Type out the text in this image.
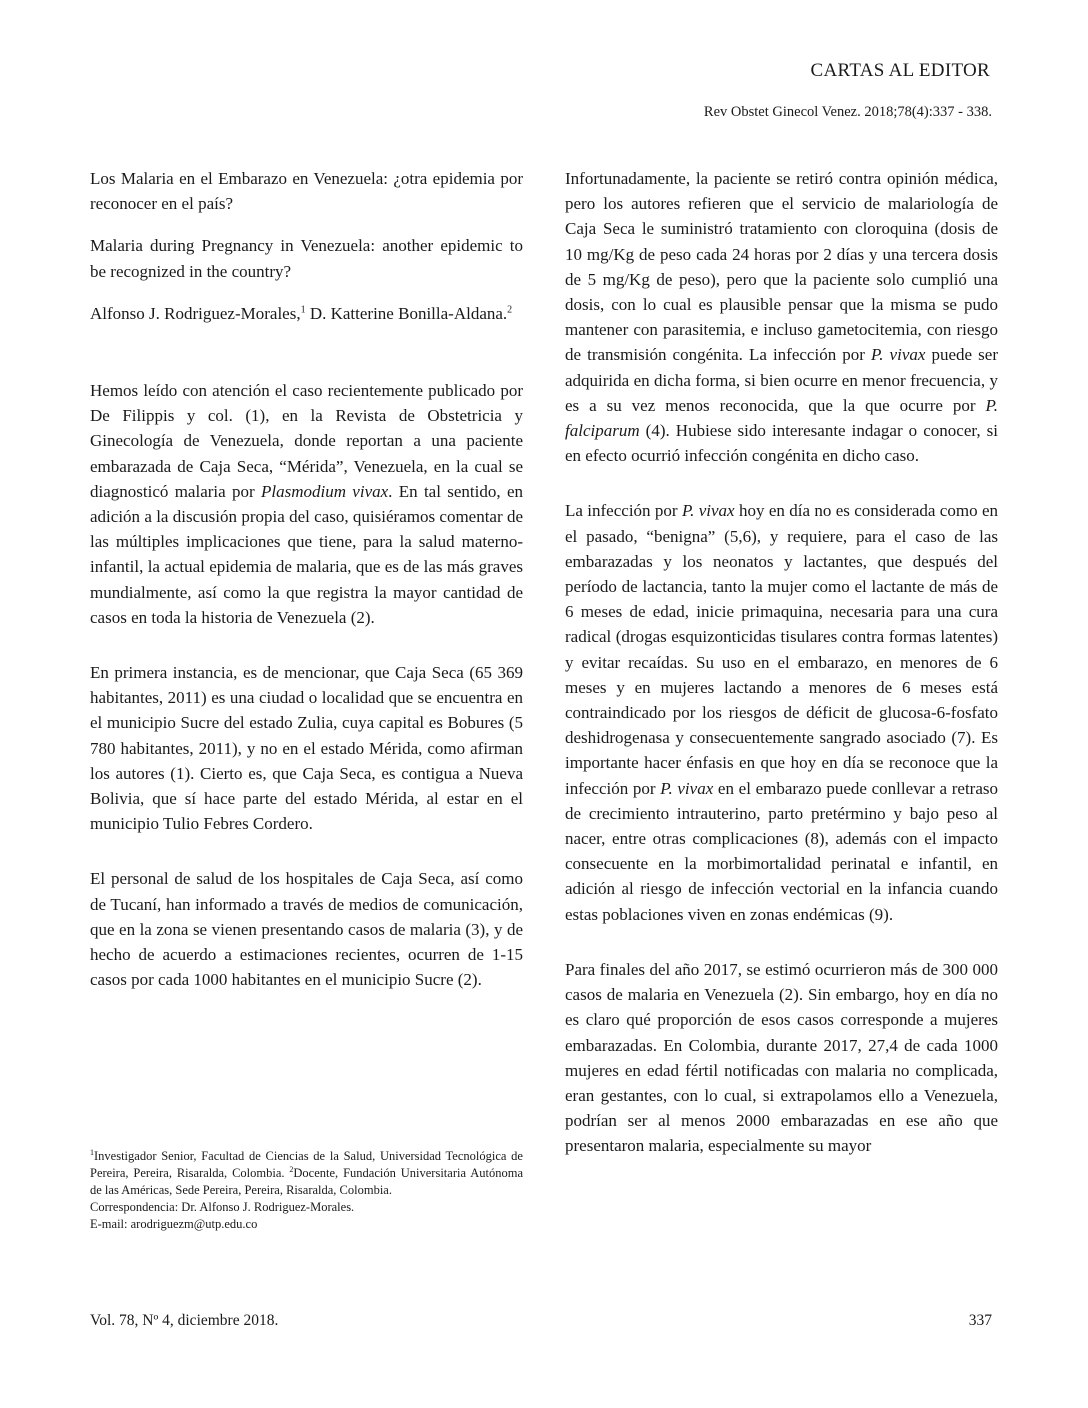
CARTAS AL EDITOR

Rev Obstet Ginecol Venez. 2018;78(4):337 - 338.

Los Malaria en el Embarazo en Venezuela: ¿otra epidemia por reconocer en el país?

Malaria during Pregnancy in Venezuela: another epidemic to be recognized in the country?

Alfonso J. Rodriguez-Morales,$^1$ D. Katterine Bonilla-Aldana.$^2$

Hemos leído con atención el caso recientemente publicado por De Filippis y col. (1), en la Revista de Obstetricia y Ginecología de Venezuela, donde reportan a una paciente embarazada de Caja Seca, “Mérida”, Venezuela, en la cual se diagnosticó malaria por Plasmodium vivax. En tal sentido, en adición a la discusión propia del caso, quisiéramos comentar de las múltiples implicaciones que tiene, para la salud materno-infantil, la actual epidemia de malaria, que es de las más graves mundialmente, así como la que registra la mayor cantidad de casos en toda la historia de Venezuela (2).

En primera instancia, es de mencionar, que Caja Seca (65 369 habitantes, 2011) es una ciudad o localidad que se encuentra en el municipio Sucre del estado Zulia, cuya capital es Bobures (5 780 habitantes, 2011), y no en el estado Mérida, como afirman los autores (1). Cierto es, que Caja Seca, es contigua a Nueva Bolivia, que sí hace parte del estado Mérida, al estar en el municipio Tulio Febres Cordero.

El personal de salud de los hospitales de Caja Seca, así como de Tucaní, han informado a través de medios de comunicación, que en la zona se vienen presentando casos de malaria (3), y de hecho de acuerdo a estimaciones recientes, ocurren de 1-15 casos por cada 1000 habitantes en el municipio Sucre (2).

$^1$Investigador Senior, Facultad de Ciencias de la Salud, Universidad Tecnológica de Pereira, Pereira, Risaralda, Colombia. $^2$Docente, Fundación Universitaria Autónoma de las Américas, Sede Pereira, Pereira, Risaralda, Colombia.

Correspondencia: Dr. Alfonso J. Rodriguez-Morales.

E-mail: arodriguezm@utp.edu.co

Infortunadamente, la paciente se retiró contra opinión médica, pero los autores refieren que el servicio de malariología de Caja Seca le suministró tratamiento con cloroquina (dosis de 10 mg/Kg de peso cada 24 horas por 2 días y una tercera dosis de 5 mg/Kg de peso), pero que la paciente solo cumplió una dosis, con lo cual es plausible pensar que la misma se pudo mantener con parasitemia, e incluso gametocitemia, con riesgo de transmisión congénita. La infección por P. vivax puede ser adquirida en dicha forma, si bien ocurre en menor frecuencia, y es a su vez menos reconocida, que la que ocurre por P. falciparum (4). Hubiese sido interesante indagar o conocer, si en efecto ocurrió infección congénita en dicho caso.

La infección por P. vivax hoy en día no es considerada como en el pasado, “benigna” (5,6), y requiere, para el caso de las embarazadas y los neonatos y lactantes, que después del período de lactancia, tanto la mujer como el lactante de más de 6 meses de edad, inicie primaquina, necesaria para una cura radical (drogas esquizonticidas tisulares contra formas latentes) y evitar recaídas. Su uso en el embarazo, en menores de 6 meses y en mujeres lactando a menores de 6 meses está contraindicado por los riesgos de déficit de glucosa-6-fosfato deshidrogenasa y consecuentemente sangrado asociado (7). Es importante hacer énfasis en que hoy en día se reconoce que la infección por P. vivax en el embarazo puede conllevar a retraso de crecimiento intrauterino, parto pretérmino y bajo peso al nacer, entre otras complicaciones (8), además con el impacto consecuente en la morbimortalidad perinatal e infantil, en adición al riesgo de infección vectorial en la infancia cuando estas poblaciones viven en zonas endémicas (9).

Para finales del año 2017, se estimó ocurrieron más de 300 000 casos de malaria en Venezuela (2). Sin embargo, hoy en día no es claro qué proporción de esos casos corresponde a mujeres embarazadas. En Colombia, durante 2017, 27,4 de cada 1000 mujeres en edad fértil notificadas con malaria no complicada, eran gestantes, con lo cual, si extrapolamos ello a Venezuela, podrían ser al menos 2000 embarazadas en ese año que presentaron malaria, especialmente su mayor

Vol. 78, Nº 4, diciembre 2018.	337
